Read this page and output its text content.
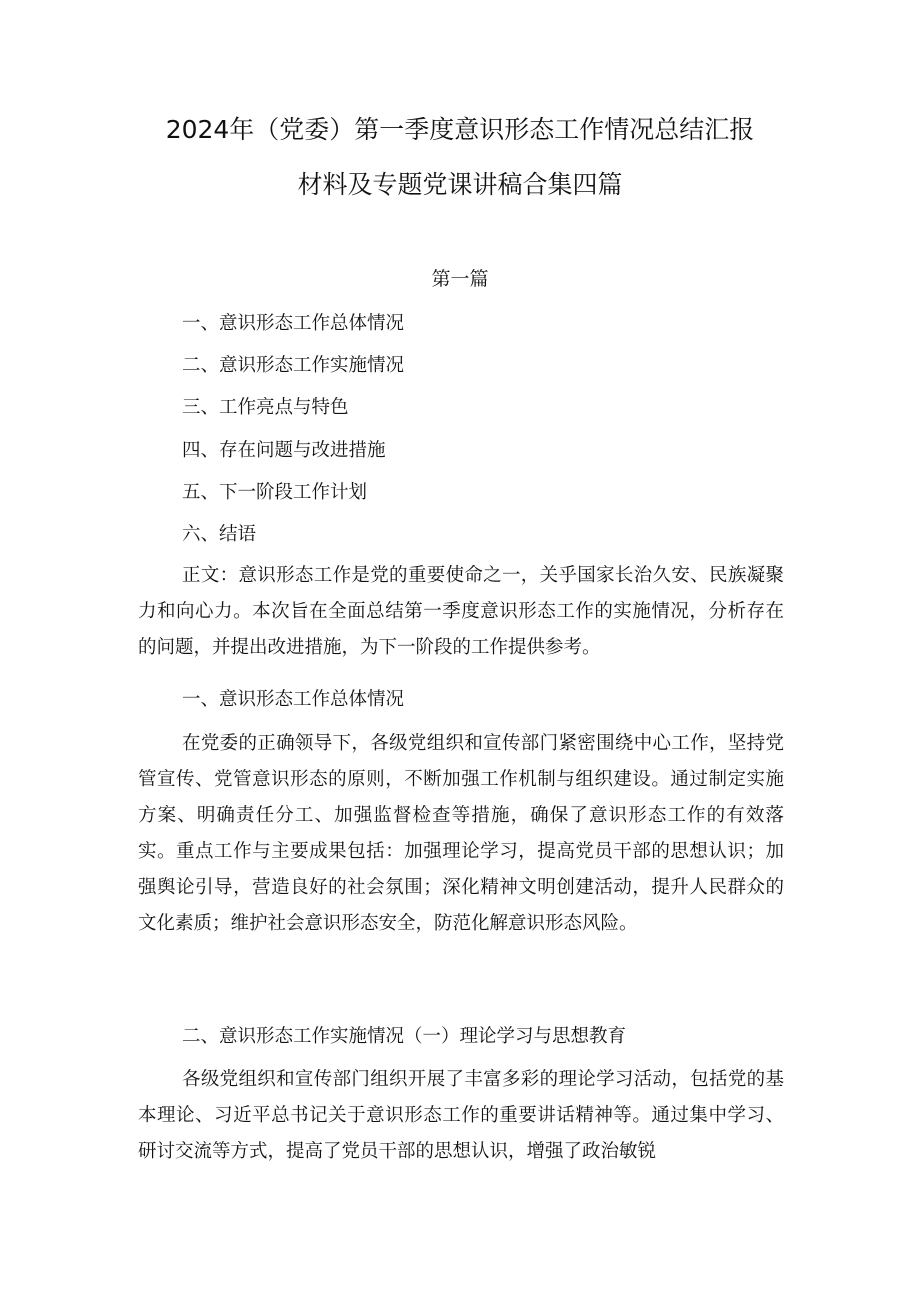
2024年（党委）第一季度意识形态工作情况总结汇报
材料及专题党课讲稿合集四篇
第一篇
一、意识形态工作总体情况
二、意识形态工作实施情况
三、工作亮点与特色
四、存在问题与改进措施
五、下一阶段工作计划
六、结语

正文：意识形态工作是党的重要使命之一，关乎国家长治久安、民族凝聚力和向心力。本次旨在全面总结第一季度意识形态工作的实施情况，分析存在的问题，并提出改进措施，为下一阶段的工作提供参考。

一、意识形态工作总体情况

在党委的正确领导下，各级党组织和宣传部门紧密围绕中心工作，坚持党管宣传、党管意识形态的原则，不断加强工作机制与组织建设。通过制定实施方案、明确责任分工、加强监督检查等措施，确保了意识形态工作的有效落实。重点工作与主要成果包括：加强理论学习，提高党员干部的思想认识；加强舆论引导，营造良好的社会氛围；深化精神文明创建活动，提升人民群众的文化素质；维护社会意识形态安全，防范化解意识形态风险。

二、意识形态工作实施情况（一）理论学习与思想教育

各级党组织和宣传部门组织开展了丰富多彩的理论学习活动，包括党的基本理论、习近平总书记关于意识形态工作的重要讲话精神等。通过集中学习、研讨交流等方式，提高了党员干部的思想认识，增强了政治敏锐
